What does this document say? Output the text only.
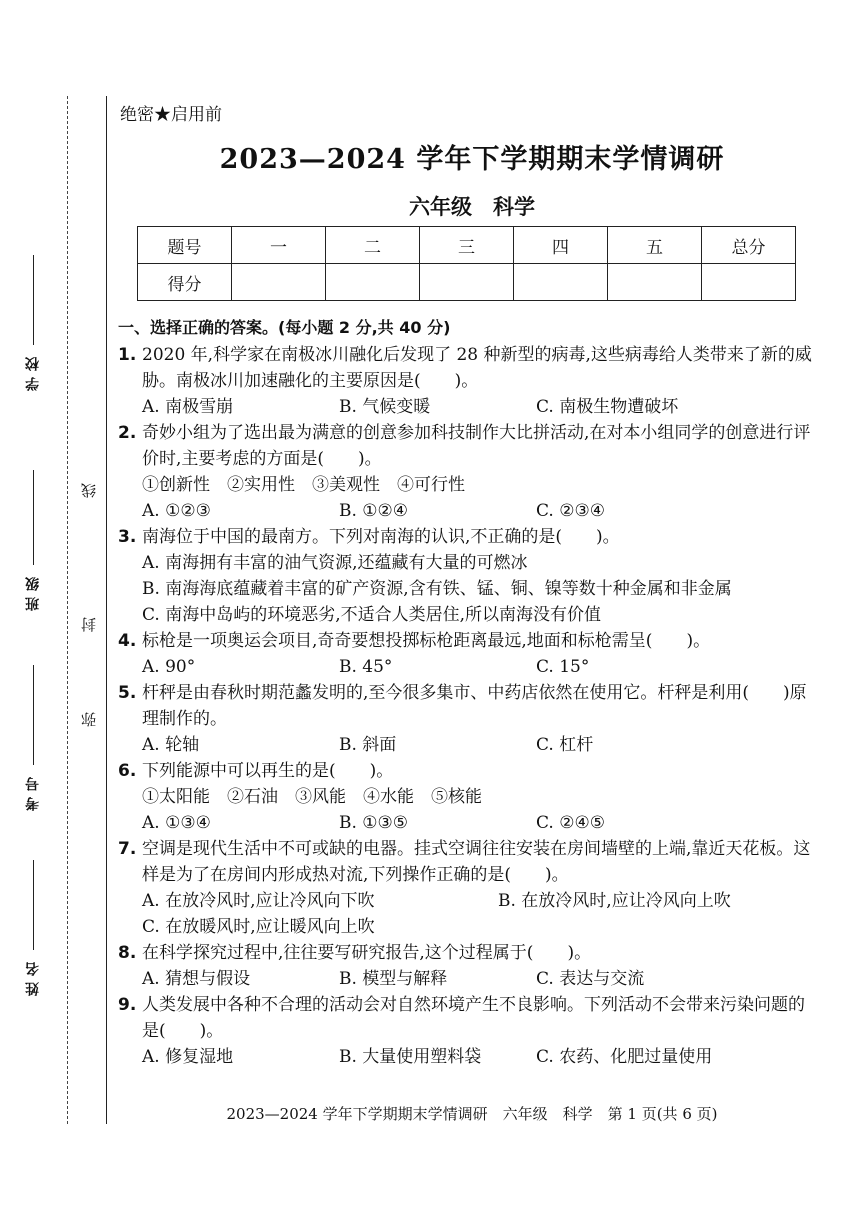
学校
班级
考号
姓名
线
封
弥
绝密★启用前
2023—2024 学年下学期期末学情调研
六年级　科学
题号	一	二	三	四	五	总分
得分						
一、选择正确的答案。(每小题 2 分,共 40 分)
1. 2020 年,科学家在南极冰川融化后发现了 28 种新型的病毒,这些病毒给人类带来了新的威胁。南极冰川加速融化的主要原因是(　　)。
A. 南极雪崩	B. 气候变暖	C. 南极生物遭破坏
2. 奇妙小组为了选出最为满意的创意参加科技制作大比拼活动,在对本小组同学的创意进行评价时,主要考虑的方面是(　　)。
①创新性　②实用性　③美观性　④可行性
A. ①②③	B. ①②④	C. ②③④
3. 南海位于中国的最南方。下列对南海的认识,不正确的是(　　)。
A. 南海拥有丰富的油气资源,还蕴藏有大量的可燃冰
B. 南海海底蕴藏着丰富的矿产资源,含有铁、锰、铜、镍等数十种金属和非金属
C. 南海中岛屿的环境恶劣,不适合人类居住,所以南海没有价值
4. 标枪是一项奥运会项目,奇奇要想投掷标枪距离最远,地面和标枪需呈(　　)。
A. 90°	B. 45°	C. 15°
5. 杆秤是由春秋时期范蠡发明的,至今很多集市、中药店依然在使用它。杆秤是利用(　　)原理制作的。
A. 轮轴	B. 斜面	C. 杠杆
6. 下列能源中可以再生的是(　　)。
①太阳能　②石油　③风能　④水能　⑤核能
A. ①③④	B. ①③⑤	C. ②④⑤
7. 空调是现代生活中不可或缺的电器。挂式空调往往安装在房间墙壁的上端,靠近天花板。这样是为了在房间内形成热对流,下列操作正确的是(　　)。
A. 在放冷风时,应让冷风向下吹	B. 在放冷风时,应让冷风向上吹
C. 在放暖风时,应让暖风向上吹
8. 在科学探究过程中,往往要写研究报告,这个过程属于(　　)。
A. 猜想与假设	B. 模型与解释	C. 表达与交流
9. 人类发展中各种不合理的活动会对自然环境产生不良影响。下列活动不会带来污染问题的是(　　)。
A. 修复湿地	B. 大量使用塑料袋	C. 农药、化肥过量使用
2023—2024 学年下学期期末学情调研　六年级　科学　第 1 页(共 6 页)
